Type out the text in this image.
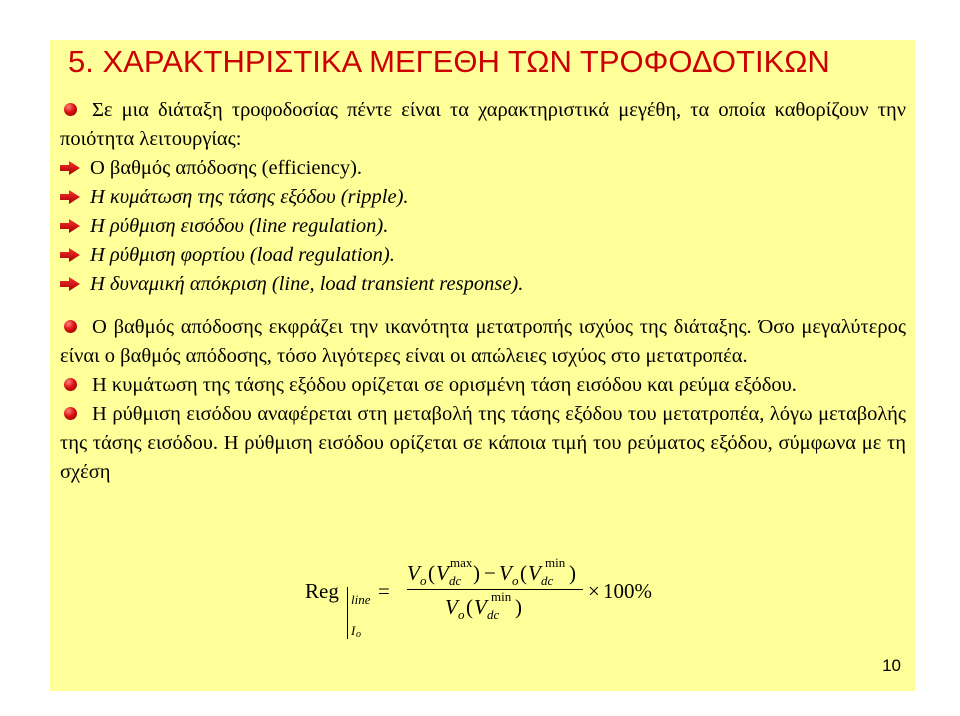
5. ΧΑΡΑΚΤΗΡΙΣΤΙΚΑ ΜΕΓΕΘΗ ΤΩΝ ΤΡΟΦΟΔΟΤΙΚΩΝ

Σε μια διάταξη τροφοδοσίας πέντε είναι τα χαρακτηριστικά μεγέθη, τα οποία καθορίζουν την ποιότητα λειτουργίας:

Ο βαθμός απόδοσης (efficiency).

Η κυμάτωση της τάσης εξόδου (ripple).

Η ρύθμιση εισόδου (line regulation).

Η ρύθμιση φορτίου (load regulation).

Η δυναμική απόκριση (line, load transient response).

Ο βαθμός απόδοσης εκφράζει την ικανότητα μετατροπής ισχύος της διάταξης. Όσο μεγαλύτερος είναι ο βαθμός απόδοσης, τόσο λιγότερες είναι οι απώλειες ισχύος στο μετατροπέα.

Η κυμάτωση της τάσης εξόδου ορίζεται σε ορισμένη τάση εισόδου και ρεύμα εξόδου.

Η ρύθμιση εισόδου αναφέρεται στη μεταβολή της τάσης εξόδου του μετατροπέα, λόγω μεταβολής της τάσης εισόδου. Η ρύθμιση εισόδου ορίζεται σε κάποια τιμή του ρεύματος εξόδου, σύμφωνα με τη σχέση

Reg line
I o
=
V o ( V dc
max ) − V o ( V dc
min )
V o ( V dc
min )
× 100%
10
